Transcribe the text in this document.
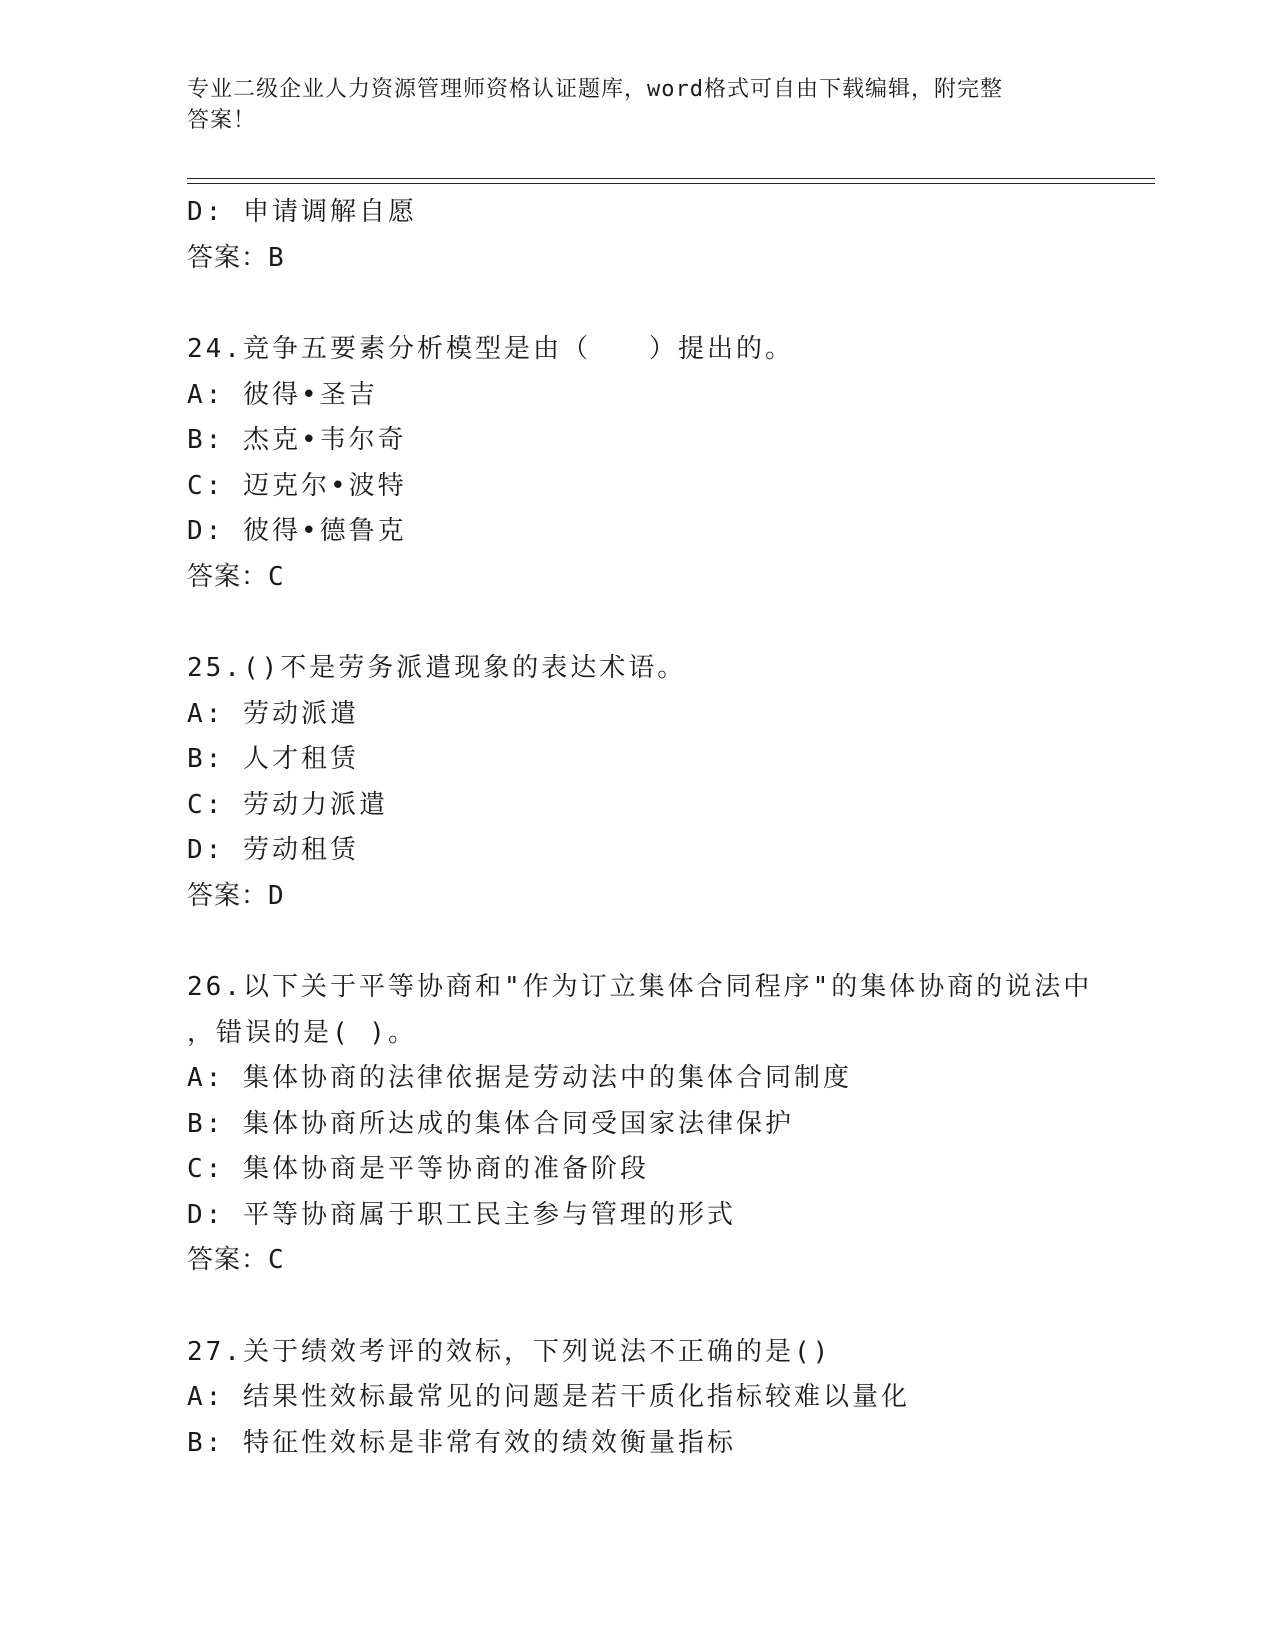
专业二级企业人力资源管理师资格认证题库，word格式可自由下载编辑，附完整
答案！
D: 申请调解自愿
答案：B
24.竞争五要素分析模型是由（　　）提出的。
A: 彼得•圣吉
B: 杰克•韦尔奇
C: 迈克尔•波特
D: 彼得•德鲁克
答案：C
25.()不是劳务派遣现象的表达术语。
A: 劳动派遣
B: 人才租赁
C: 劳动力派遣
D: 劳动租赁
答案：D
26.以下关于平等协商和"作为订立集体合同程序"的集体协商的说法中
，错误的是( )。
A: 集体协商的法律依据是劳动法中的集体合同制度
B: 集体协商所达成的集体合同受国家法律保护
C: 集体协商是平等协商的准备阶段
D: 平等协商属于职工民主参与管理的形式
答案：C
27.关于绩效考评的效标，下列说法不正确的是()
A: 结果性效标最常见的问题是若干质化指标较难以量化
B: 特征性效标是非常有效的绩效衡量指标
